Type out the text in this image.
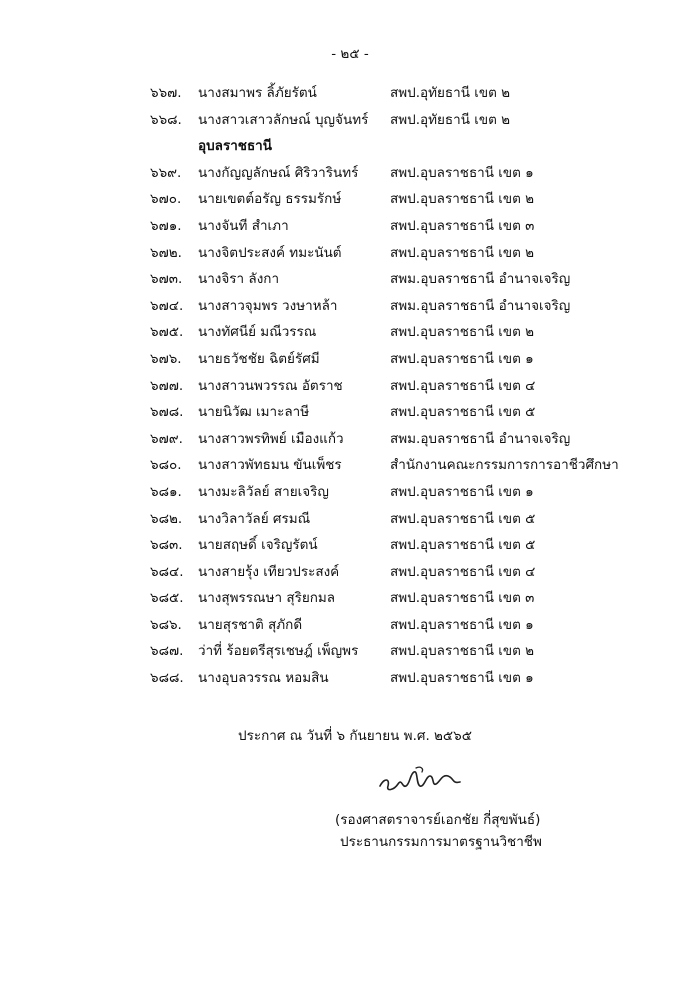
- ๒๕ -
๖๖๗. นางสมาพร ลิ้ภัยรัตน์	สพป.อุทัยธานี เขต ๒
๖๖๘. นางสาวเสาวลักษณ์ บุญจันทร์ สพป.อุทัยธานี เขต ๒
อุบลราชธานี
๖๖๙. นางกัญญลักษณ์ ศิริวารินทร์ สพป.อุบลราชธานี เขต ๑
๖๗๐. นายเขตต์อรัญ ธรรมรักษ์	สพป.อุบลราชธานี เขต ๒
๖๗๑. นางจันที สำเภา	สพป.อุบลราชธานี เขต ๓
๖๗๒. นางจิตประสงค์ ทมะนันต์	สพป.อุบลราชธานี เขต ๒
๖๗๓. นางจิรา ลังกา	สพม.อุบลราชธานี อำนาจเจริญ
๖๗๔. นางสาวจุมพร วงษาหล้า	สพม.อุบลราชธานี อำนาจเจริญ
๖๗๕. นางทัศนีย์ มณีวรรณ	สพป.อุบลราชธานี เขต ๒
๖๗๖. นายธวัชชัย ฉิตย์รัศมี	สพป.อุบลราชธานี เขต ๑
๖๗๗. นางสาวนพวรรณ อัตราช	สพป.อุบลราชธานี เขต ๔
๖๗๘. นายนิวัฒ เมาะลาษี	สพป.อุบลราชธานี เขต ๕
๖๗๙. นางสาวพรทิพย์ เมืองแก้ว	สพม.อุบลราชธานี อำนาจเจริญ
๖๘๐. นางสาวพัทธมน ขันเพ็ชร	สำนักงานคณะกรรมการการอาชีวศึกษา
๖๘๑. นางมะลิวัลย์ สายเจริญ	สพป.อุบลราชธานี เขต ๑
๖๘๒. นางวิลาวัลย์ ศรมณี	สพป.อุบลราชธานี เขต ๕
๖๘๓. นายสฤษดิ์ เจริญรัตน์	สพป.อุบลราชธานี เขต ๕
๖๘๔. นางสายรุ้ง เทียวประสงค์	สพป.อุบลราชธานี เขต ๔
๖๘๕. นางสุพรรณษา สุริยกมล	สพป.อุบลราชธานี เขต ๓
๖๘๖. นายสุรชาติ สุภักดี	สพป.อุบลราชธานี เขต ๑
๖๘๗. ว่าที่ ร้อยตรีสุรเชษฎ์ เพ็ญพร สพป.อุบลราชธานี เขต ๒
๖๘๘. นางอุบลวรรณ หอมสิน	สพป.อุบลราชธานี เขต ๑
ประกาศ ณ วันที่ ๖ กันยายน พ.ศ. ๒๕๖๕
(รองศาสตราจารย์เอกชัย กี่สุขพันธ์)
ประธานกรรมการมาตรฐานวิชาชีพ
